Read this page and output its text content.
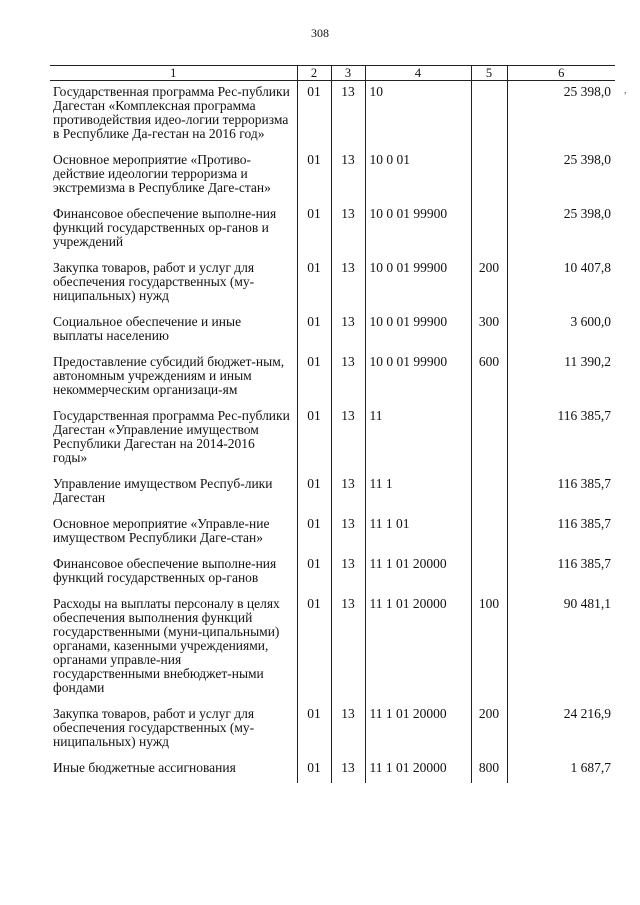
308
1	2	3	4	5	6
Государственная программа Рес-публики Дагестан «Комплексная программа противодействия идео-логии терроризма в Республике Да-гестан на 2016 год»	01	13	10		25 398,0

Основное мероприятие «Противо-действие идеологии терроризма и экстремизма в Республике Даге-стан»	01	13	10 0 01		25 398,0

Финансовое обеспечение выполне-ния функций государственных ор-ганов и учреждений	01	13	10 0 01 99900		25 398,0

Закупка товаров, работ и услуг для обеспечения государственных (му-ниципальных) нужд	01	13	10 0 01 99900	200	10 407,8

Социальное обеспечение и иные выплаты населению	01	13	10 0 01 99900	300	3 600,0

Предоставление субсидий бюджет-ным, автономным учреждениям и иным некоммерческим организаци-ям	01	13	10 0 01 99900	600	11 390,2

Государственная программа Рес-публики Дагестан «Управление имуществом Республики Дагестан на 2014-2016 годы»	01	13	11		116 385,7

Управление имуществом Респуб-лики Дагестан	01	13	11 1		116 385,7

Основное мероприятие «Управле-ние имуществом Республики Даге-стан»	01	13	11 1 01		116 385,7

Финансовое обеспечение выполне-ния функций государственных ор-ганов	01	13	11 1 01 20000		116 385,7

Расходы на выплаты персоналу в целях обеспечения выполнения функций государственными (муни-ципальными) органами, казенными учреждениями, органами управле-ния государственными внебюджет-ными фондами	01	13	11 1 01 20000	100	90 481,1

Закупка товаров, работ и услуг для обеспечения государственных (му-ниципальных) нужд	01	13	11 1 01 20000	200	24 216,9

Иные бюджетные ассигнования	01	13	11 1 01 20000	800	1 687,7

,
